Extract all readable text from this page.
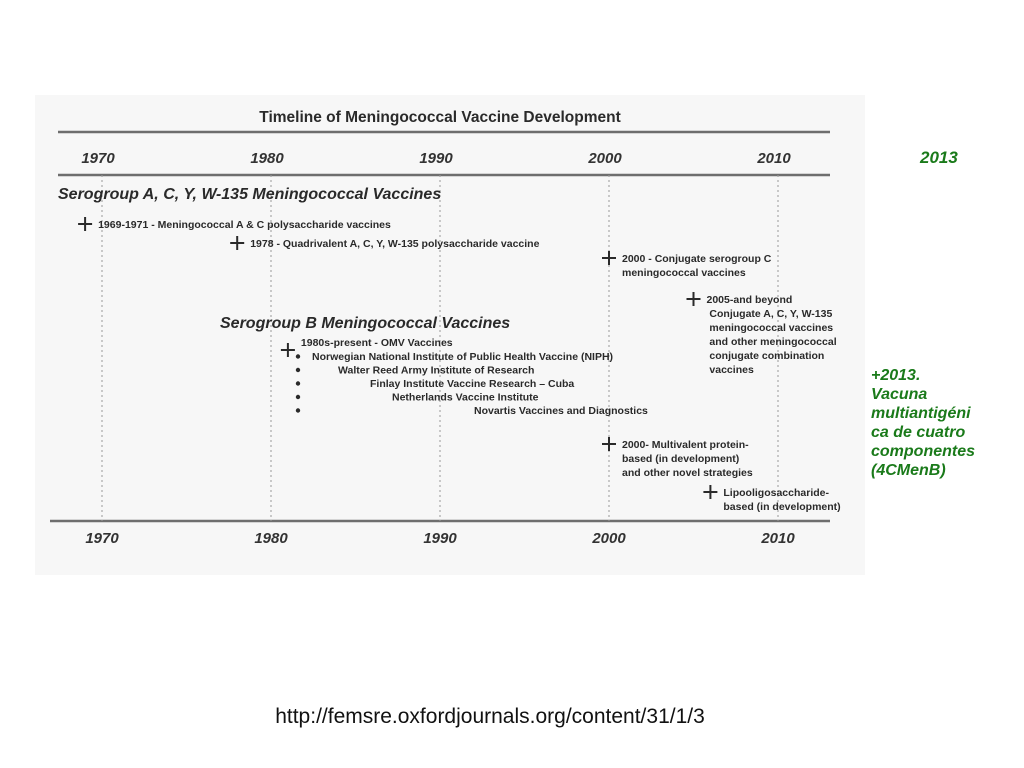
Timeline of Meningococcal Vaccine Development
1970	1980	1990	2000	2010
1970	1980	1990	2000	2010
Serogroup A, C, Y, W-135 Meningococcal Vaccines
Serogroup B Meningococcal Vaccines
1969-1971 - Meningococcal A & C polysaccharide vaccines
1978 - Quadrivalent A, C, Y, W-135 polysaccharide vaccine
2000 - Conjugate serogroup C meningococcal vaccines
2005-and beyond Conjugate A, C, Y, W-135 meningococcal vaccines and other meningococcal conjugate combination vaccines
1980s-present - OMV Vaccines
Norwegian National Institute of Public Health Vaccine (NIPH)
Walter Reed Army Institute of Research
Finlay Institute Vaccine Research – Cuba
Netherlands Vaccine Institute
Novartis Vaccines and Diagnostics
2000- Multivalent protein-based (in development) and other novel strategies
Lipooligosaccharide-based (in development)
2013
+2013.
Vacuna
multiantigéni
ca de cuatro
componentes
(4CMenB)
http://femsre.oxfordjournals.org/content/31/1/3
